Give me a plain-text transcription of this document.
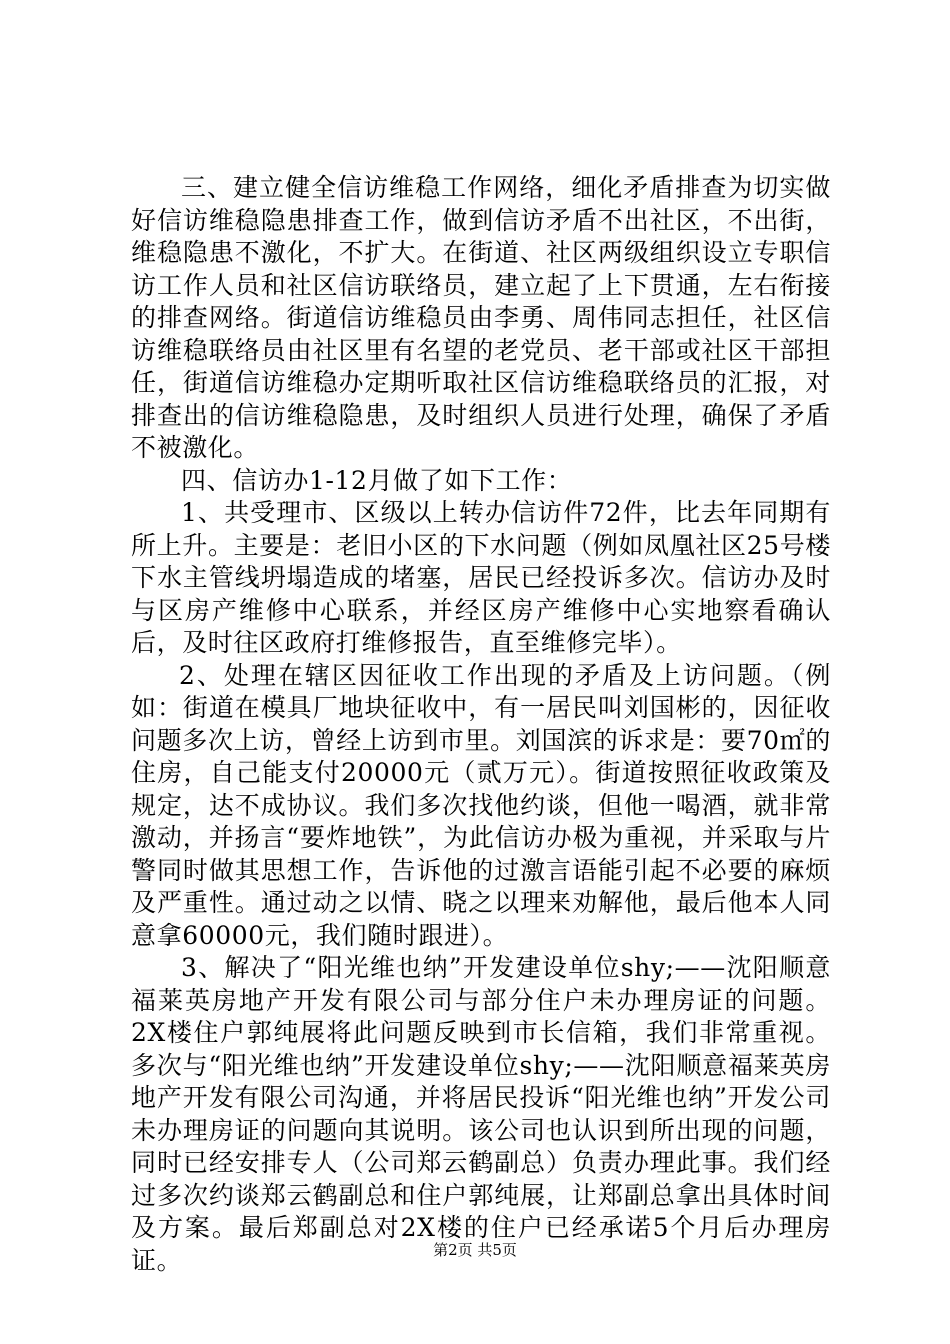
三、建立健全信访维稳工作网络，细化矛盾排查为切实做好信访维稳隐患排查工作，做到信访矛盾不出社区，不出街，维稳隐患不激化，不扩大。在街道、社区两级组织设立专职信访工作人员和社区信访联络员，建立起了上下贯通，左右衔接的排查网络。街道信访维稳员由李勇、周伟同志担任，社区信访维稳联络员由社区里有名望的老党员、老干部或社区干部担任，街道信访维稳办定期听取社区信访维稳联络员的汇报，对排查出的信访维稳隐患，及时组织人员进行处理，确保了矛盾不被激化。

四、信访办1-12月做了如下工作：

1、共受理市、区级以上转办信访件72件，比去年同期有所上升。主要是：老旧小区的下水问题（例如凤凰社区25号楼下水主管线坍塌造成的堵塞，居民已经投诉多次。信访办及时与区房产维修中心联系，并经区房产维修中心实地察看确认后，及时往区政府打维修报告，直至维修完毕）。

2、处理在辖区因征收工作出现的矛盾及上访问题。（例如：街道在模具厂地块征收中，有一居民叫刘国彬的，因征收问题多次上访，曾经上访到市里。刘国滨的诉求是：要70㎡的住房，自己能支付20000元（贰万元）。街道按照征收政策及规定，达不成协议。我们多次找他约谈，但他一喝酒，就非常激动，并扬言“要炸地铁”，为此信访办极为重视，并采取与片警同时做其思想工作，告诉他的过激言语能引起不必要的麻烦及严重性。通过动之以情、晓之以理来劝解他，最后他本人同意拿60000元，我们随时跟进）。

3、解决了“阳光维也纳”开发建设单位shy;——沈阳顺意福莱英房地产开发有限公司与部分住户未办理房证的问题。2X楼住户郭纯展将此问题反映到市长信箱，我们非常重视。多次与“阳光维也纳”开发建设单位shy;——沈阳顺意福莱英房地产开发有限公司沟通，并将居民投诉“阳光维也纳”开发公司未办理房证的问题向其说明。该公司也认识到所出现的问题，同时已经安排专人（公司郑云鹤副总）负责办理此事。我们经过多次约谈郑云鹤副总和住户郭纯展，让郑副总拿出具体时间及方案。最后郑副总对2X楼的住户已经承诺5个月后办理房证。	第2页 共5页
